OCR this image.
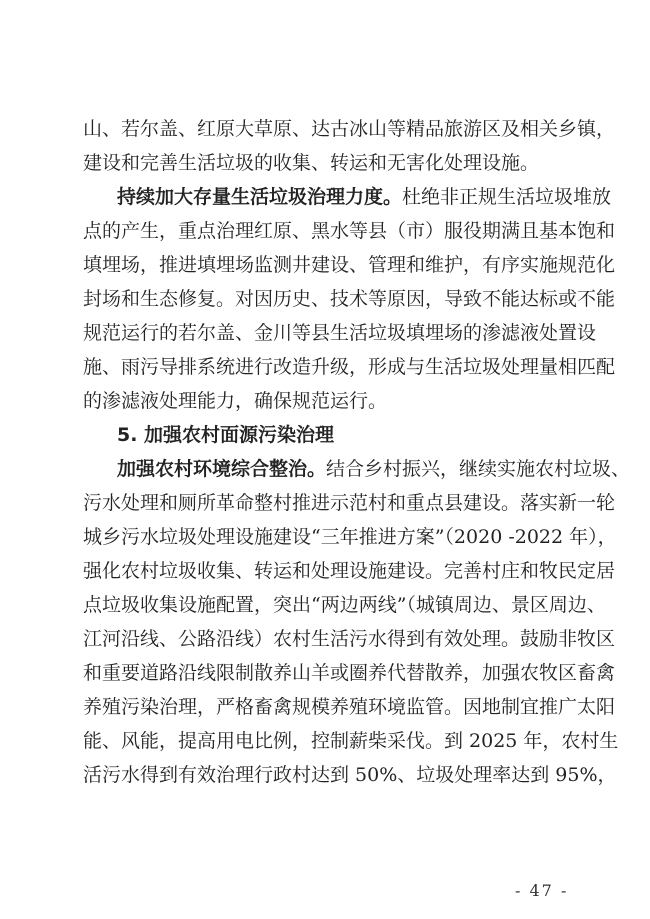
山、若尔盖、红原大草原、达古冰山等精品旅游区及相关乡镇，
建设和完善生活垃圾的收集、转运和无害化处理设施。
持续加大存量生活垃圾治理力度。杜绝非正规生活垃圾堆放
点的产生，重点治理红原、黑水等县（市）服役期满且基本饱和
填埋场，推进填埋场监测井建设、管理和维护，有序实施规范化
封场和生态修复。对因历史、技术等原因，导致不能达标或不能
规范运行的若尔盖、金川等县生活垃圾填埋场的渗滤液处置设
施、雨污导排系统进行改造升级，形成与生活垃圾处理量相匹配
的渗滤液处理能力，确保规范运行。
5. 加强农村面源污染治理
加强农村环境综合整治。结合乡村振兴，继续实施农村垃圾、
污水处理和厕所革命整村推进示范村和重点县建设。落实新一轮
城乡污水垃圾处理设施建设“三年推进方案”（2020 -2022 年），
强化农村垃圾收集、转运和处理设施建设。完善村庄和牧民定居
点垃圾收集设施配置，突出“两边两线”（城镇周边、景区周边、
江河沿线、公路沿线）农村生活污水得到有效处理。鼓励非牧区
和重要道路沿线限制散养山羊或圈养代替散养，加强农牧区畜禽
养殖污染治理，严格畜禽规模养殖环境监管。因地制宜推广太阳
能、风能，提高用电比例，控制薪柴采伐。到 2025 年，农村生
活污水得到有效治理行政村达到 50%、垃圾处理率达到 95%，
- 47 -
